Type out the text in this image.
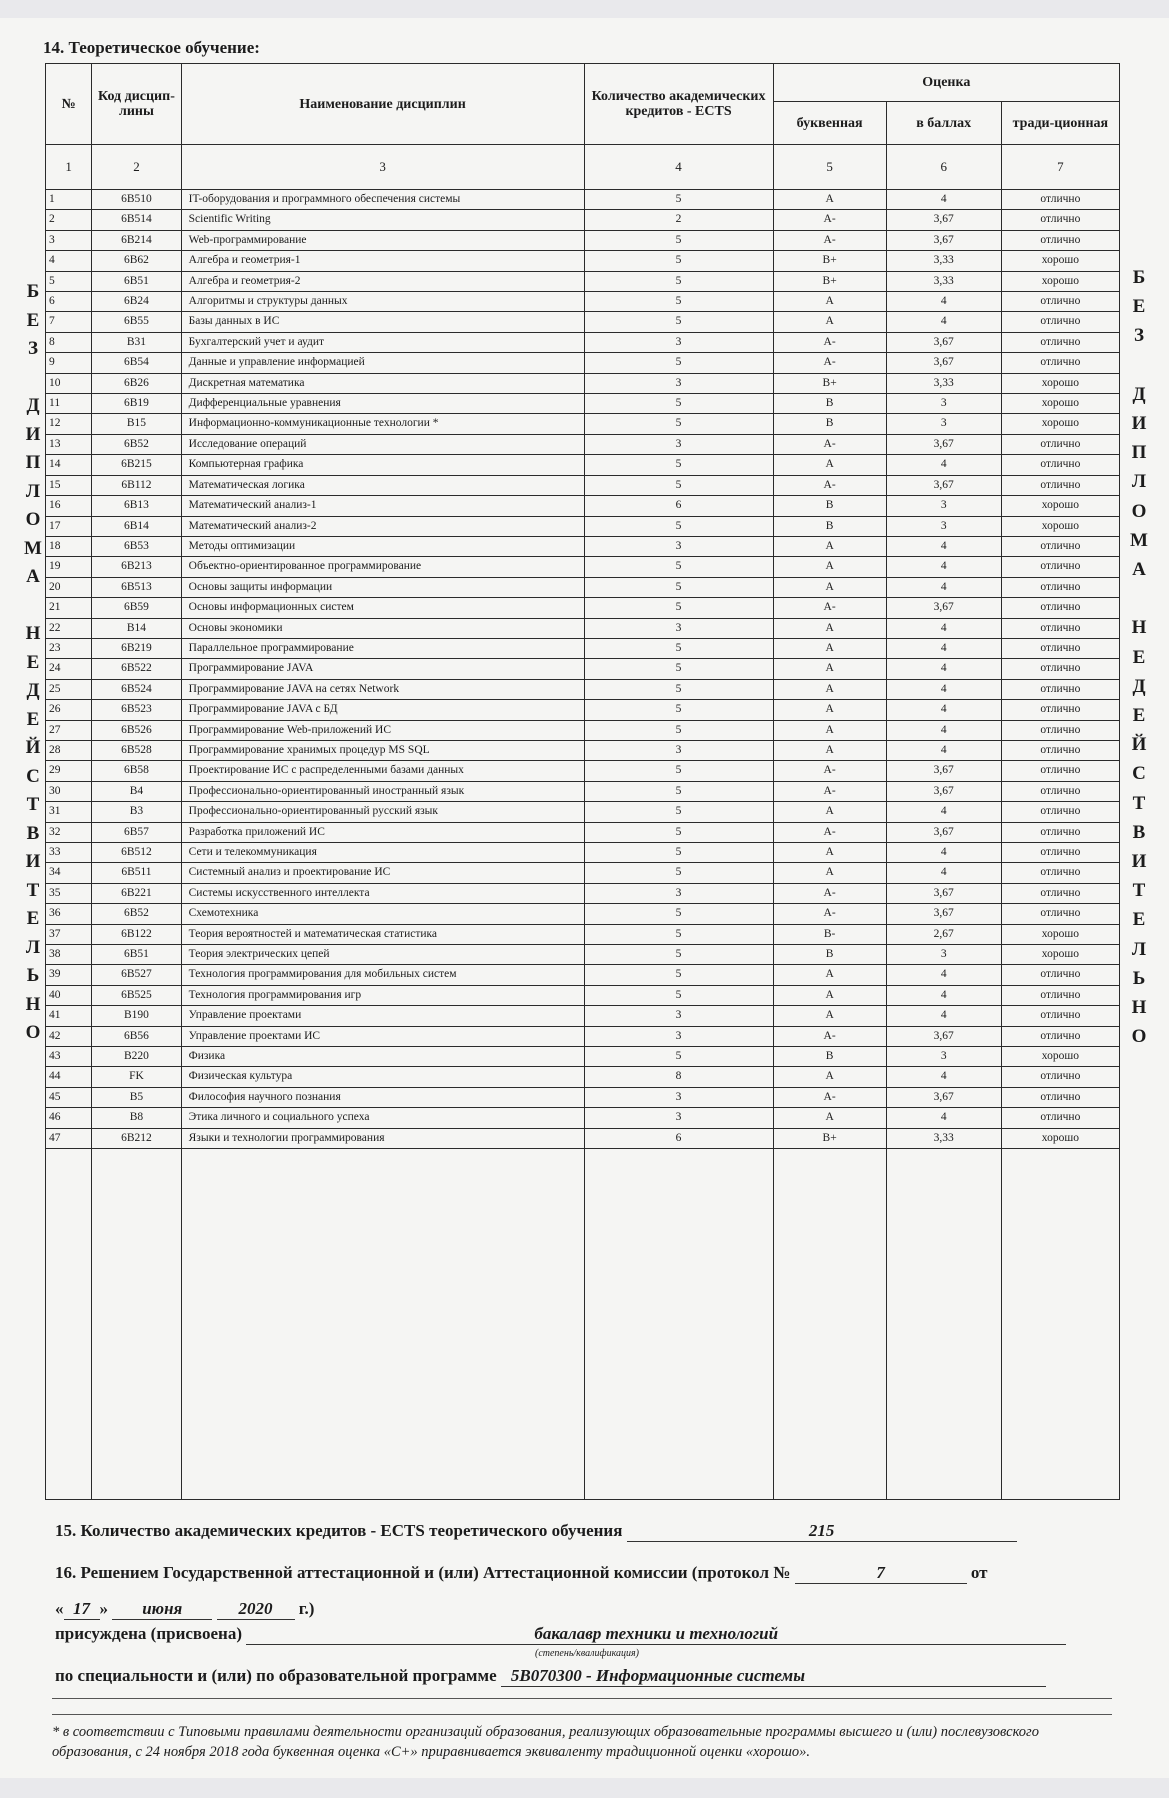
14. Теоретическое обучение:
Б
Е
З

Д
И
П
Л
О
М
А

Н
Е
Д
Е
Й
С
Т
В
И
Т
Е
Л
Ь
Н
О
Б
Е
З

Д
И
П
Л
О
М
А

Н
Е
Д
Е
Й
С
Т
В
И
Т
Е
Л
Ь
Н
О
№	Код дисцип-лины	Наименование дисциплин	Количество академических кредитов - ECTS	Оценка		
				буквенная	в баллах	тради-ционная
1	2	3	4	5	6	7
1	6B510	IT-оборудования и программного обеспечения системы	5	A	4	отлично
2	6B514	Scientific Writing	2	A-	3,67	отлично
3	6B214	Web-программирование	5	A-	3,67	отлично
4	6B62	Алгебра и геометрия-1	5	B+	3,33	хорошо
5	6B51	Алгебра и геометрия-2	5	B+	3,33	хорошо
6	6B24	Алгоритмы и структуры данных	5	A	4	отлично
7	6B55	Базы данных в ИС	5	A	4	отлично
8	B31	Бухгалтерский учет и аудит	3	A-	3,67	отлично
9	6B54	Данные и управление информацией	5	A-	3,67	отлично
10	6B26	Дискретная математика	3	B+	3,33	хорошо
11	6B19	Дифференциальные уравнения	5	B	3	хорошо
12	B15	Информационно-коммуникационные технологии *	5	B	3	хорошо
13	6B52	Исследование операций	3	A-	3,67	отлично
14	6B215	Компьютерная графика	5	A	4	отлично
15	6B112	Математическая логика	5	A-	3,67	отлично
16	6B13	Математический анализ-1	6	B	3	хорошо
17	6B14	Математический анализ-2	5	B	3	хорошо
18	6B53	Методы оптимизации	3	A	4	отлично
19	6B213	Объектно-ориентированное программирование	5	A	4	отлично
20	6B513	Основы защиты информации	5	A	4	отлично
21	6B59	Основы информационных систем	5	A-	3,67	отлично
22	B14	Основы экономики	3	A	4	отлично
23	6B219	Параллельное программирование	5	A	4	отлично
24	6B522	Программирование JAVA	5	A	4	отлично
25	6B524	Программирование JAVA на сетях Network	5	A	4	отлично
26	6B523	Программирование JAVA с БД	5	A	4	отлично
27	6B526	Программирование Web-приложений ИС	5	A	4	отлично
28	6B528	Программирование хранимых процедур MS SQL	3	A	4	отлично
29	6B58	Проектирование ИС с распределенными базами данных	5	A-	3,67	отлично
30	B4	Профессионально-ориентированный иностранный язык	5	A-	3,67	отлично
31	B3	Профессионально-ориентированный русский язык	5	A	4	отлично
32	6B57	Разработка приложений ИС	5	A-	3,67	отлично
33	6B512	Сети и телекоммуникация	5	A	4	отлично
34	6B511	Системный анализ и проектирование ИС	5	A	4	отлично
35	6B221	Системы искусственного интеллекта	3	A-	3,67	отлично
36	6B52	Схемотехника	5	A-	3,67	отлично
37	6B122	Теория вероятностей и математическая статистика	5	B-	2,67	хорошо
38	6B51	Теория электрических цепей	5	B	3	хорошо
39	6B527	Технология программирования для мобильных систем	5	A	4	отлично
40	6B525	Технология программирования игр	5	A	4	отлично
41	B190	Управление проектами	3	A	4	отлично
42	6B56	Управление проектами ИС	3	A-	3,67	отлично
43	B220	Физика	5	B	3	хорошо
44	FK	Физическая культура	8	A	4	отлично
45	B5	Философия научного познания	3	A-	3,67	отлично
46	B8	Этика личного и социального успеха	3	A	4	отлично
47	6B212	Языки и технологии программирования	6	B+	3,33	хорошо

15. Количество академических кредитов - ECTS теоретического обучения	215
16. Решением Государственной аттестационной и (или) Аттестационной комиссии (протокол №	7	от
« 17 » июня	2020 г.)
присуждена (присвоена)	бакалавр техники и технологий
(степень/квалификация)
по специальности и (или) по образовательной программе 5B070300 - Информационные системы
* в соответствии с Типовыми правилами деятельности организаций образования, реализующих образовательные программы высшего и (или) послевузовского образования, с 24 ноября 2018 года буквенная оценка «С+» приравнивается эквиваленту традиционной оценки «хорошо».
